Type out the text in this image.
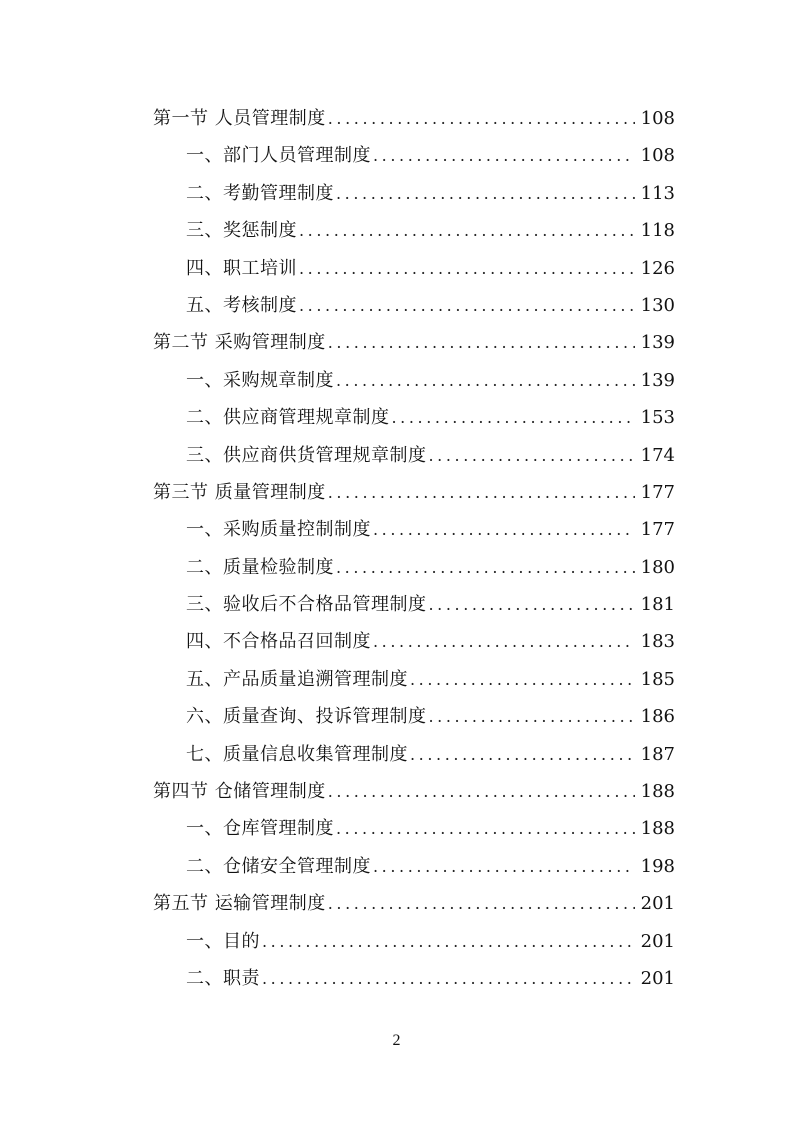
第一节 人员管理制度 .....	108
一、部门人员管理制度 .....	108
二、考勤管理制度 .....	113
三、奖惩制度 .....	118
四、职工培训 .....	126
五、考核制度 .....	130
第二节 采购管理制度 .....	139
一、采购规章制度 .....	139
二、供应商管理规章制度 .....	153
三、供应商供货管理规章制度 .....	174
第三节 质量管理制度 .....	177
一、采购质量控制制度 .....	177
二、质量检验制度 .....	180
三、验收后不合格品管理制度 .....	181
四、不合格品召回制度 .....	183
五、产品质量追溯管理制度 .....	185
六、质量查询、投诉管理制度 .....	186
七、质量信息收集管理制度 .....	187
第四节 仓储管理制度 .....	188
一、仓库管理制度 .....	188
二、仓储安全管理制度 .....	198
第五节 运输管理制度 .....	201
一、目的 .....	201
二、职责 .....	201
2
